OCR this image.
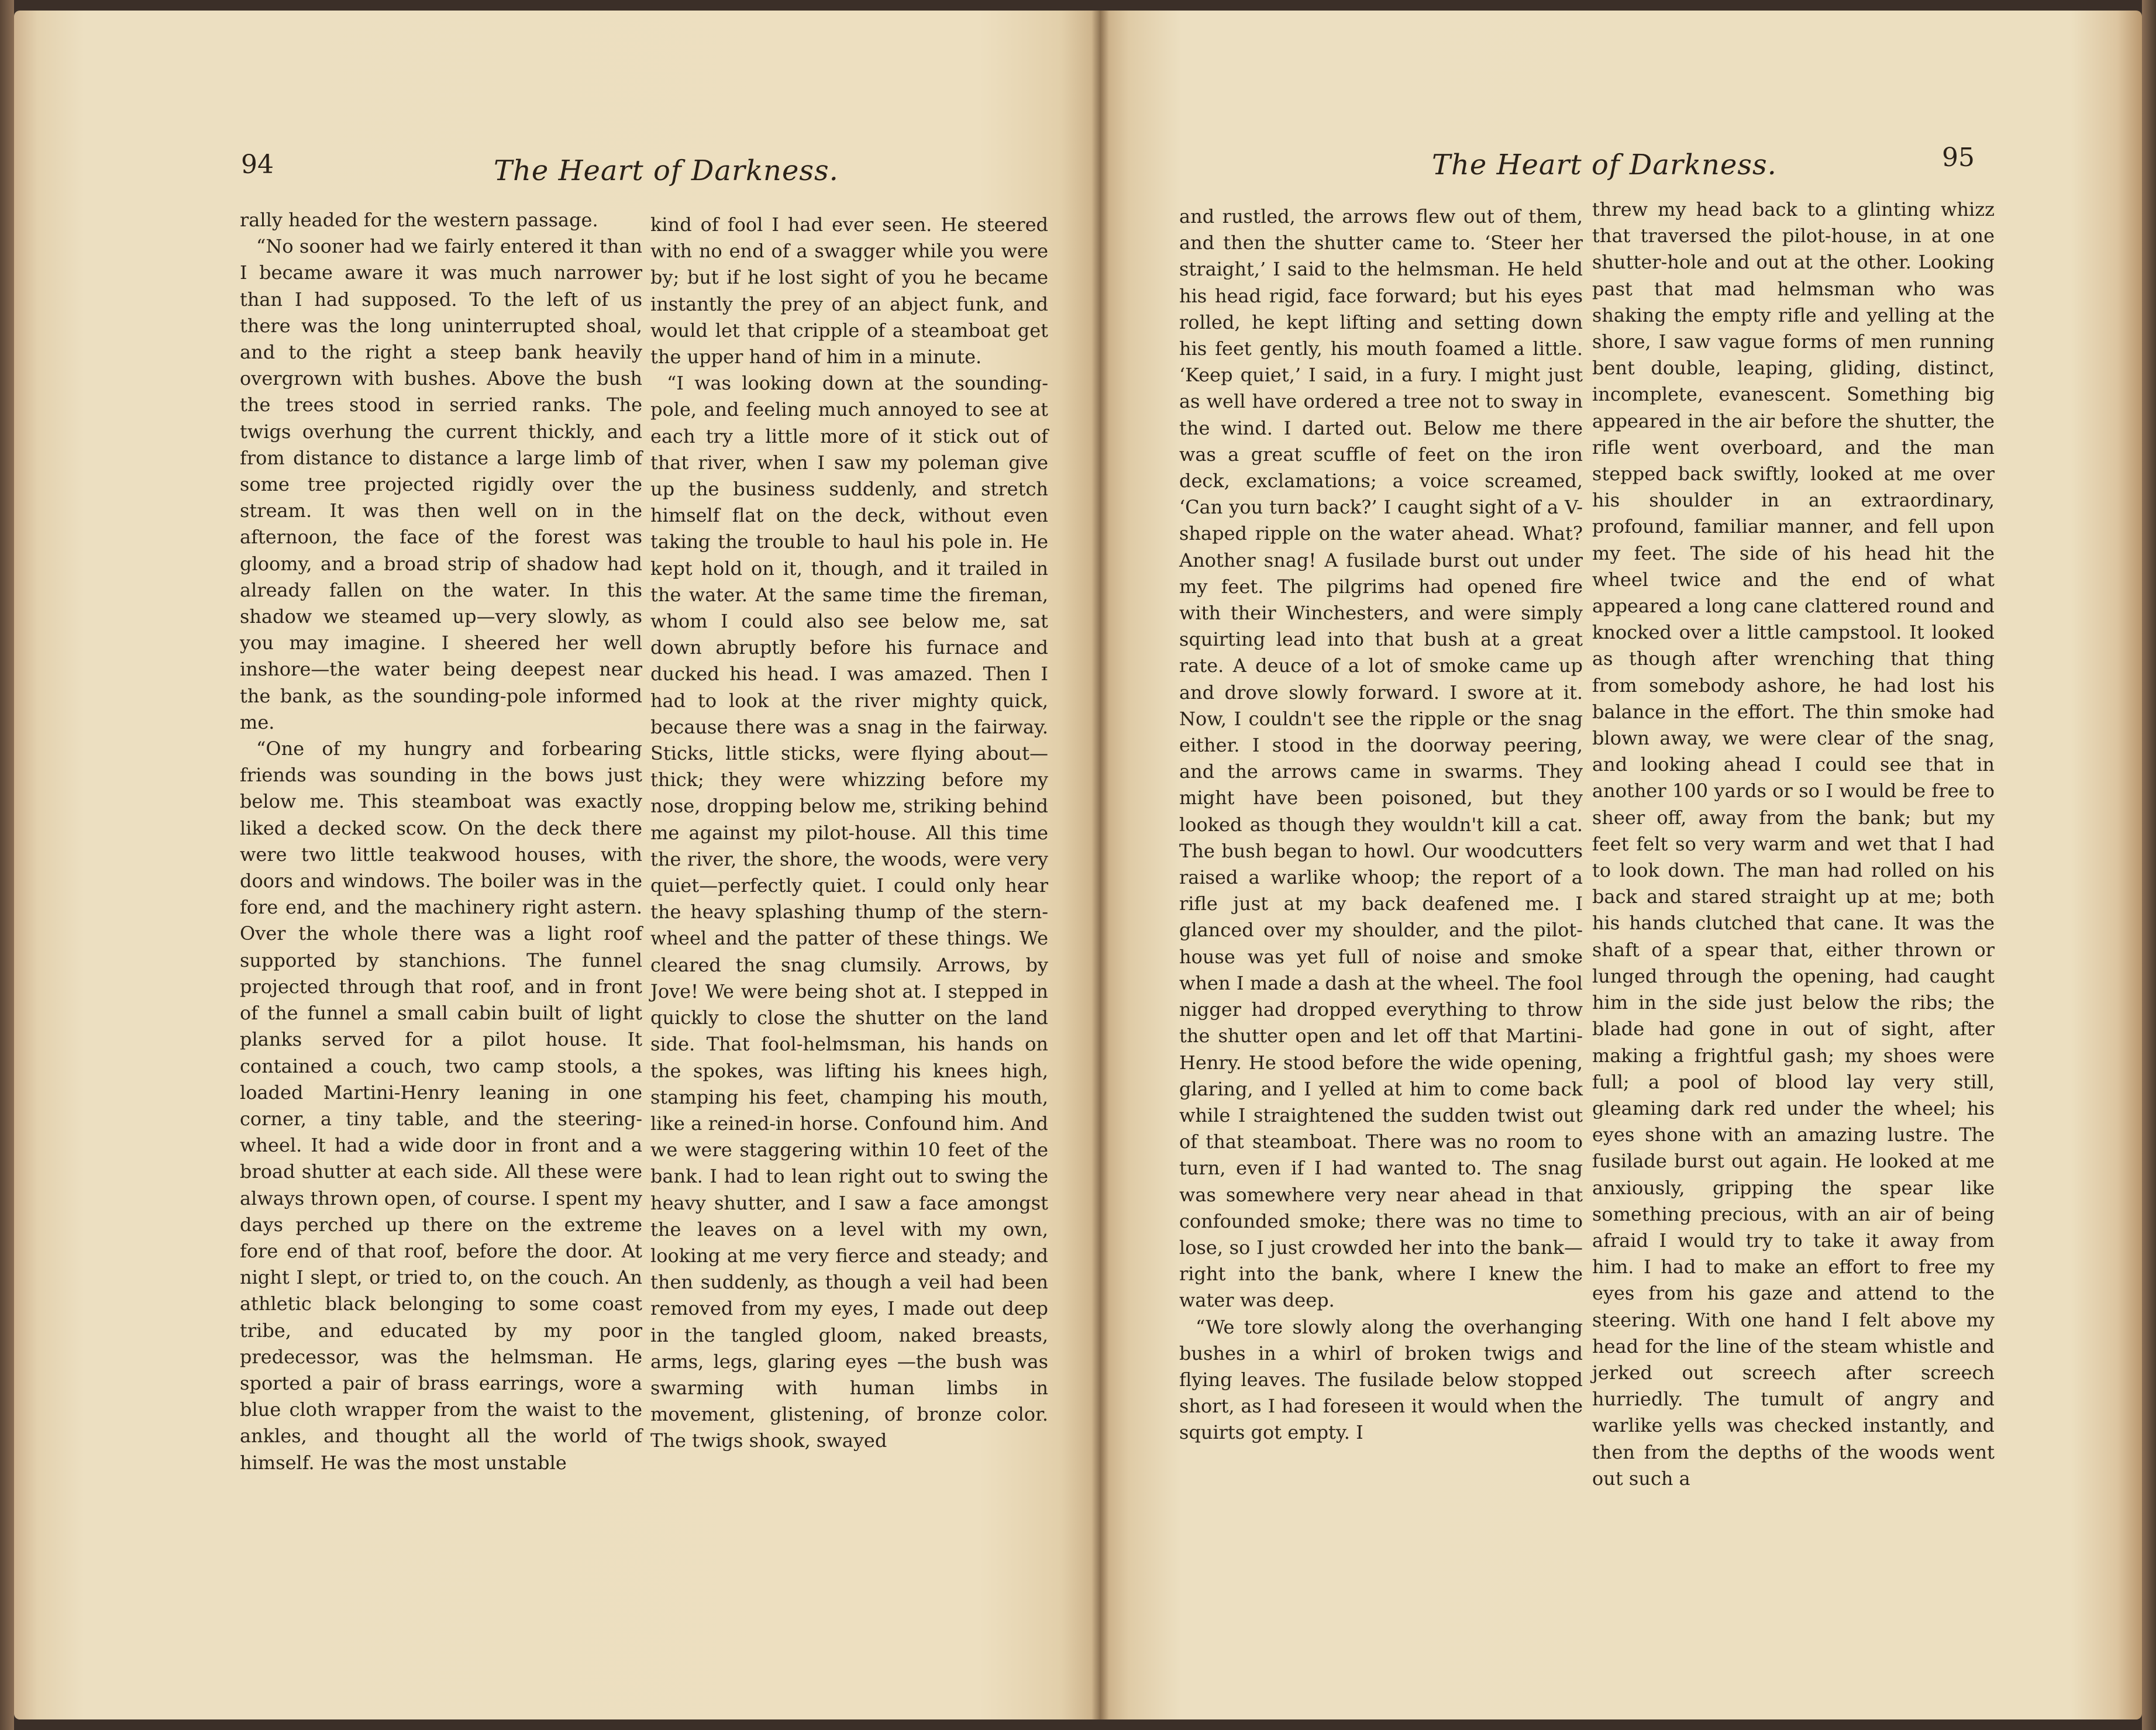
94	The Heart of Darkness.

rally headed for the western passage.

“No sooner had we fairly entered it than I became aware it was much narrower than I had supposed. To the left of us there was the long uninterrupted shoal, and to the right a steep bank heavily overgrown with bushes. Above the bush the trees stood in serried ranks. The twigs overhung the current thickly, and from distance to distance a large limb of some tree projected rigidly over the stream. It was then well on in the afternoon, the face of the forest was gloomy, and a broad strip of shadow had already fallen on the water. In this shadow we steamed up—very slowly, as you may imagine. I sheered her well inshore—the water being deepest near the bank, as the sounding-pole informed me.

“One of my hungry and forbearing friends was sounding in the bows just below me. This steamboat was exactly liked a decked scow. On the deck there were two little teakwood houses, with doors and windows. The boiler was in the fore end, and the machinery right astern. Over the whole there was a light roof supported by stanchions. The funnel projected through that roof, and in front of the funnel a small cabin built of light planks served for a pilot house. It contained a couch, two camp stools, a loaded Martini-Henry leaning in one corner, a tiny table, and the steering-wheel. It had a wide door in front and a broad shutter at each side. All these were always thrown open, of course. I spent my days perched up there on the extreme fore end of that roof, before the door. At night I slept, or tried to, on the couch. An athletic black belonging to some coast tribe, and educated by my poor predecessor, was the helmsman. He sported a pair of brass earrings, wore a blue cloth wrapper from the waist to the ankles, and thought all the world of himself. He was the most unstable

kind of fool I had ever seen. He steered with no end of a swagger while you were by; but if he lost sight of you he became instantly the prey of an abject funk, and would let that cripple of a steamboat get the upper hand of him in a minute.

“I was looking down at the sounding-pole, and feeling much annoyed to see at each try a little more of it stick out of that river, when I saw my poleman give up the business suddenly, and stretch himself flat on the deck, without even taking the trouble to haul his pole in. He kept hold on it, though, and it trailed in the water. At the same time the fireman, whom I could also see below me, sat down abruptly before his furnace and ducked his head. I was amazed. Then I had to look at the river mighty quick, because there was a snag in the fairway. Sticks, little sticks, were flying about—thick; they were whizzing before my nose, dropping below me, striking behind me against my pilot-house. All this time the river, the shore, the woods, were very quiet—perfectly quiet. I could only hear the heavy splashing thump of the stern-wheel and the patter of these things. We cleared the snag clumsily. Arrows, by Jove! We were being shot at. I stepped in quickly to close the shutter on the land side. That fool-helmsman, his hands on the spokes, was lifting his knees high, stamping his feet, champing his mouth, like a reined-in horse. Confound him. And we were staggering within 10 feet of the bank. I had to lean right out to swing the heavy shutter, and I saw a face amongst the leaves on a level with my own, looking at me very fierce and steady; and then suddenly, as though a veil had been removed from my eyes, I made out deep in the tangled gloom, naked breasts, arms, legs, glaring eyes —the bush was swarming with human limbs in movement, glistening, of bronze color. The twigs shook, swayed

The Heart of Darkness.	95

and rustled, the arrows flew out of them, and then the shutter came to. ‘Steer her straight,’ I said to the helmsman. He held his head rigid, face forward; but his eyes rolled, he kept lifting and setting down his feet gently, his mouth foamed a little. ‘Keep quiet,’ I said, in a fury. I might just as well have ordered a tree not to sway in the wind. I darted out. Below me there was a great scuffle of feet on the iron deck, exclamations; a voice screamed, ‘Can you turn back?’ I caught sight of a V-shaped ripple on the water ahead. What? Another snag! A fusilade burst out under my feet. The pilgrims had opened fire with their Winchesters, and were simply squirting lead into that bush at a great rate. A deuce of a lot of smoke came up and drove slowly forward. I swore at it. Now, I couldn't see the ripple or the snag either. I stood in the doorway peering, and the arrows came in swarms. They might have been poisoned, but they looked as though they wouldn't kill a cat. The bush began to howl. Our woodcutters raised a warlike whoop; the report of a rifle just at my back deafened me. I glanced over my shoulder, and the pilot-house was yet full of noise and smoke when I made a dash at the wheel. The fool nigger had dropped everything to throw the shutter open and let off that Martini-Henry. He stood before the wide opening, glaring, and I yelled at him to come back while I straightened the sudden twist out of that steamboat. There was no room to turn, even if I had wanted to. The snag was somewhere very near ahead in that confounded smoke; there was no time to lose, so I just crowded her into the bank—right into the bank, where I knew the water was deep.

“We tore slowly along the overhanging bushes in a whirl of broken twigs and flying leaves. The fusilade below stopped short, as I had foreseen it would when the squirts got empty. I

threw my head back to a glinting whizz that traversed the pilot-house, in at one shutter-hole and out at the other. Looking past that mad helmsman who was shaking the empty rifle and yelling at the shore, I saw vague forms of men running bent double, leaping, gliding, distinct, incomplete, evanescent. Something big appeared in the air before the shutter, the rifle went overboard, and the man stepped back swiftly, looked at me over his shoulder in an extraordinary, profound, familiar manner, and fell upon my feet. The side of his head hit the wheel twice and the end of what appeared a long cane clattered round and knocked over a little campstool. It looked as though after wrenching that thing from somebody ashore, he had lost his balance in the effort. The thin smoke had blown away, we were clear of the snag, and looking ahead I could see that in another 100 yards or so I would be free to sheer off, away from the bank; but my feet felt so very warm and wet that I had to look down. The man had rolled on his back and stared straight up at me; both his hands clutched that cane. It was the shaft of a spear that, either thrown or lunged through the opening, had caught him in the side just below the ribs; the blade had gone in out of sight, after making a frightful gash; my shoes were full; a pool of blood lay very still, gleaming dark red under the wheel; his eyes shone with an amazing lustre. The fusilade burst out again. He looked at me anxiously, gripping the spear like something precious, with an air of being afraid I would try to take it away from him. I had to make an effort to free my eyes from his gaze and attend to the steering. With one hand I felt above my head for the line of the steam whistle and jerked out screech after screech hurriedly. The tumult of angry and warlike yells was checked instantly, and then from the depths of the woods went out such a
